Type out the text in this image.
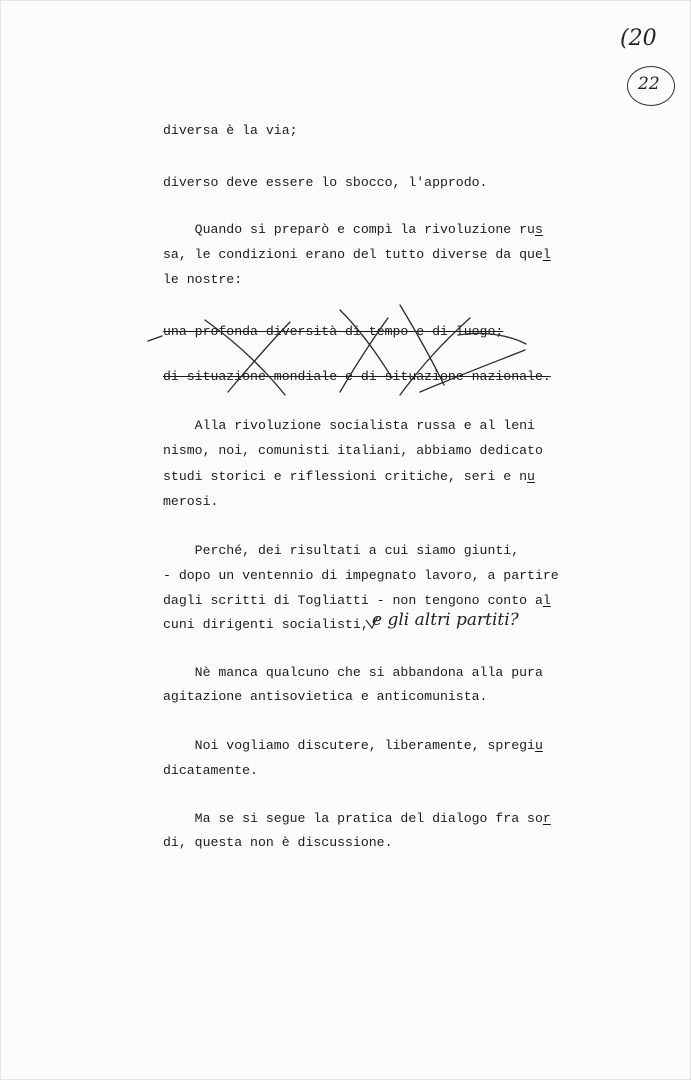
(20
22
diversa è la via;
diverso deve essere lo sbocco, l'approdo.
Quando si preparò e compì la rivoluzione rus
sa, le condizioni erano del tutto diverse da quel
le nostre:
una profonda diversità di tempo e di luogo;
di situazione mondiale e di situazione nazionale.
Alla rivoluzione socialista russa e al leni
nismo, noi, comunisti italiani, abbiamo dedicato
studi storici e riflessioni critiche, seri e nu
merosi.
Perché, dei risultati a cui siamo giunti,
- dopo un ventennio di impegnato lavoro, a partire
dagli scritti di Togliatti - non tengono conto al
cuni dirigenti socialisti, e gli altri partiti?
Nè manca qualcuno che si abbandona alla pura
agitazione antisovietica e anticomunista.
Noi vogliamo discutere, liberamente, spregiu
dicatamente.
Ma se si segue la pratica del dialogo fra sor
di, questa non è discussione.
